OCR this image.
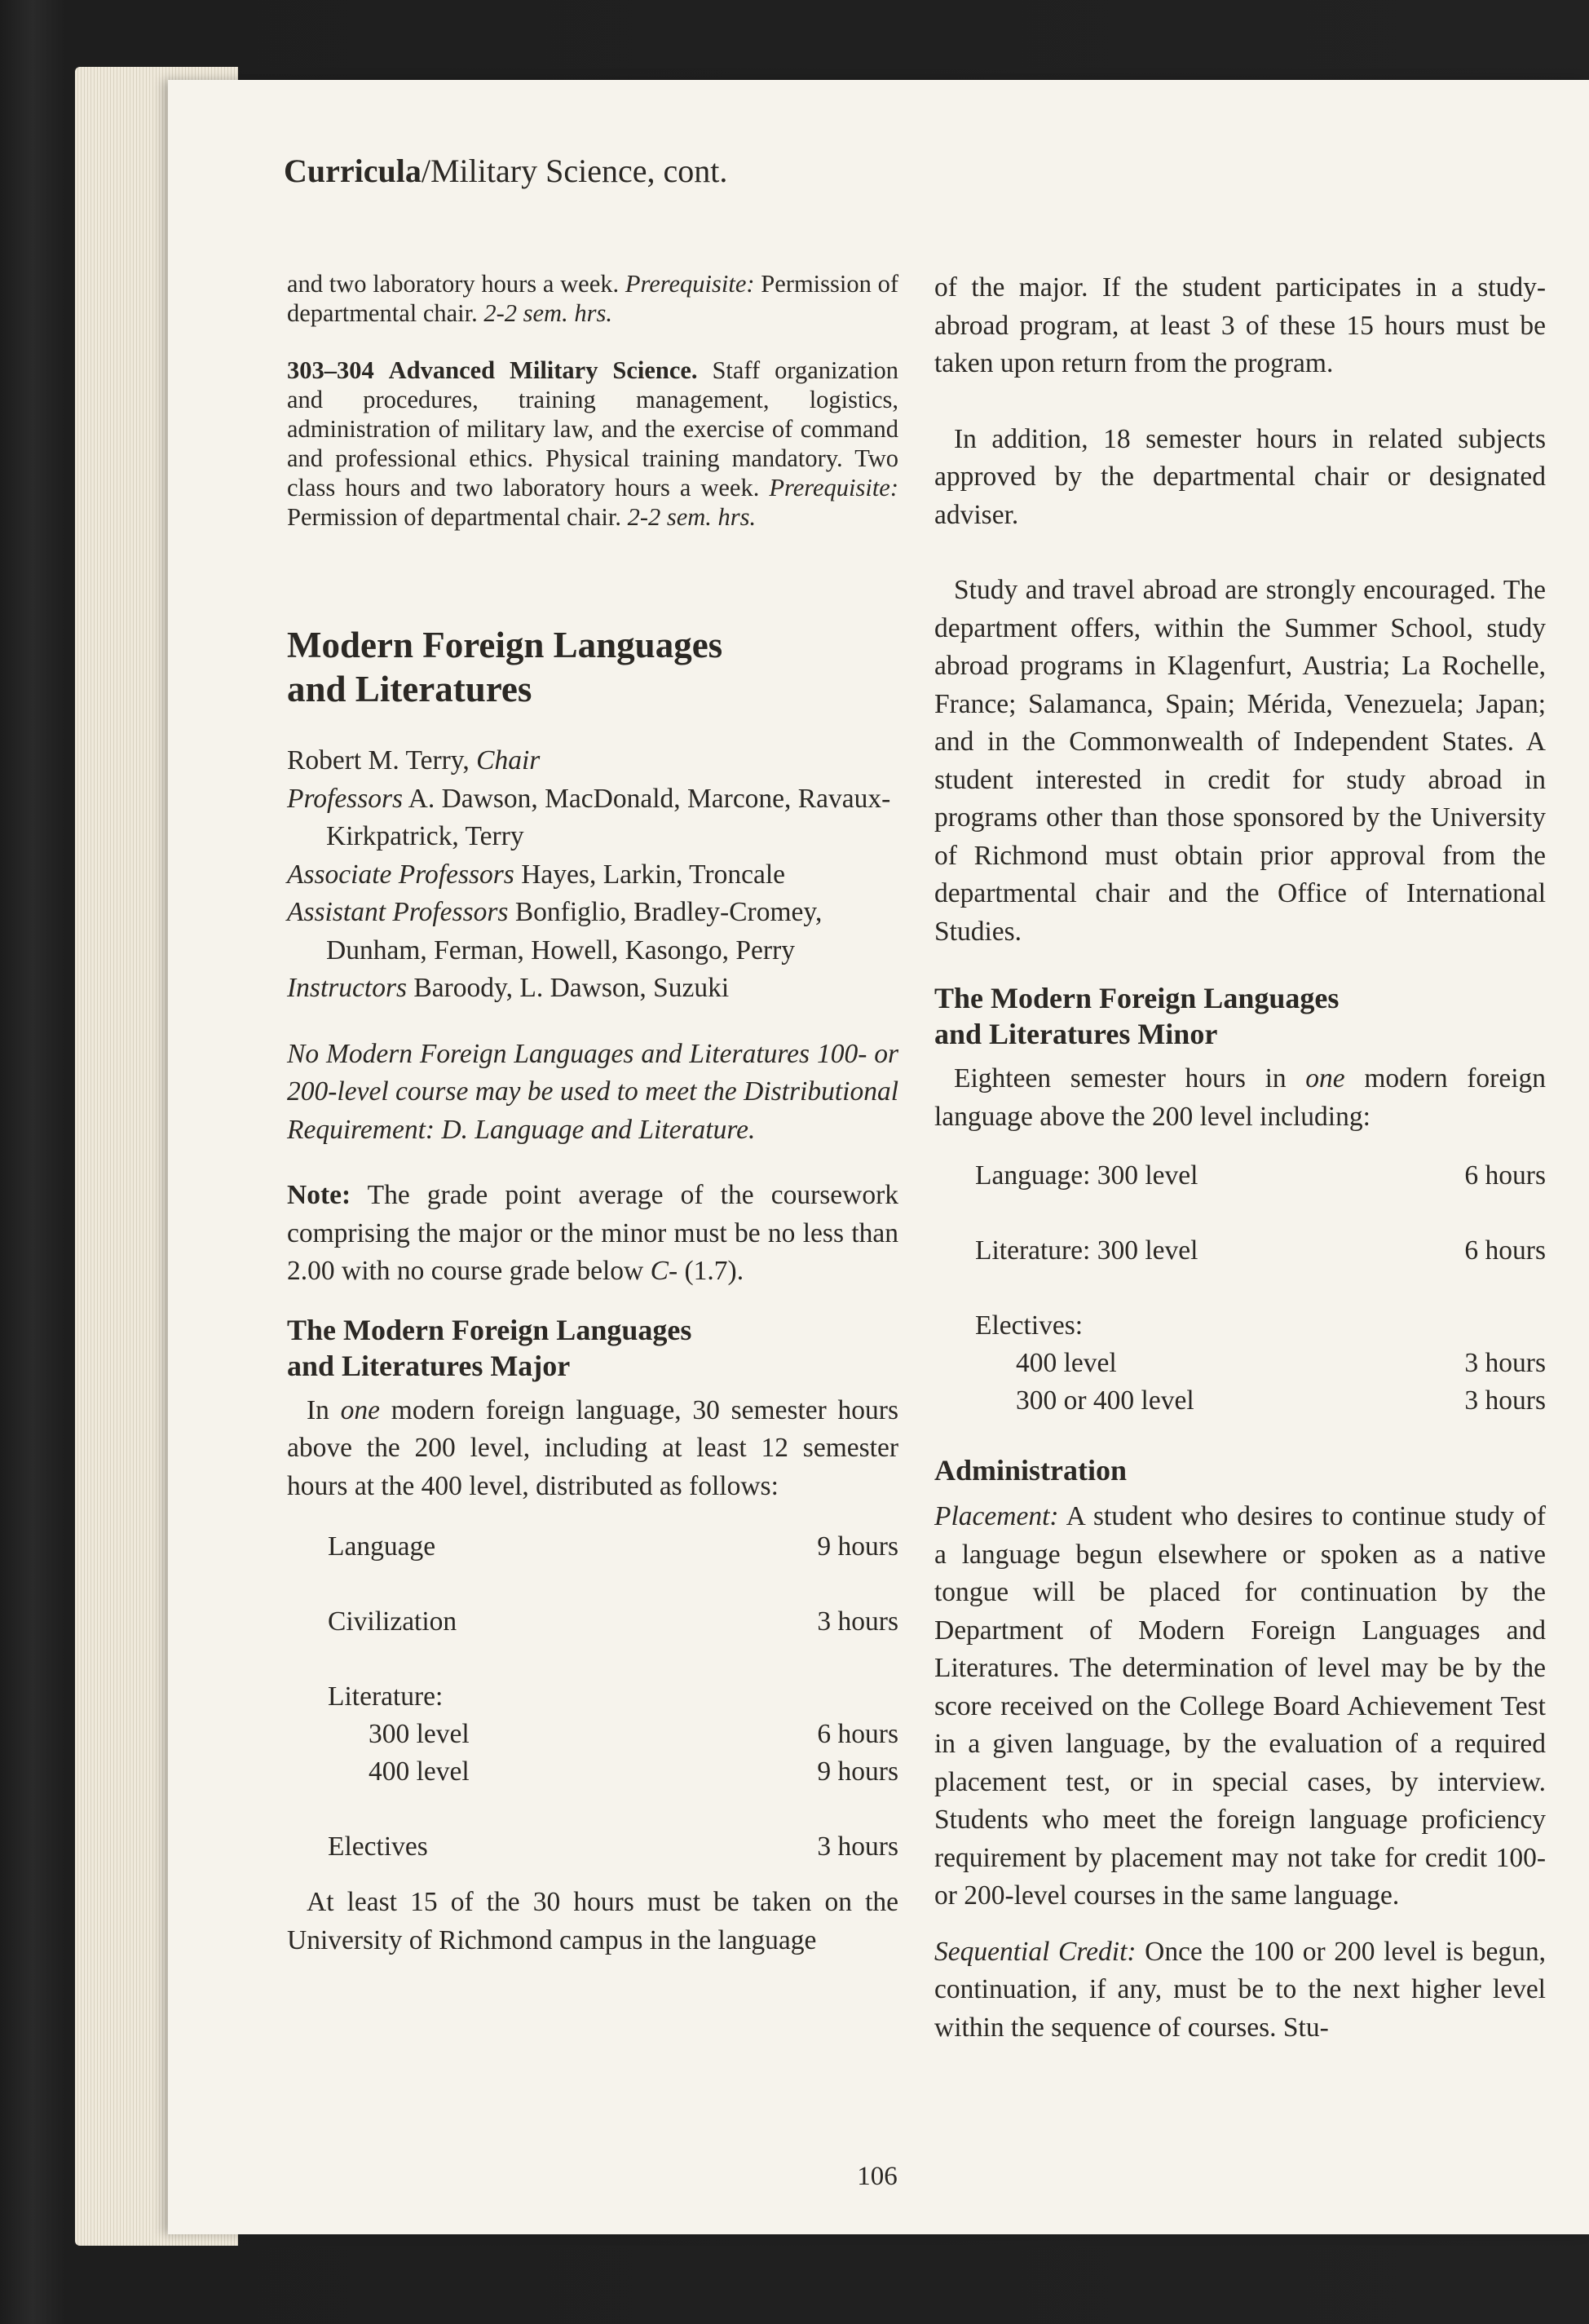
Curricula/Military Science, cont.

and two laboratory hours a week. Prerequisite: Permission of departmental chair. 2-2 sem. hrs.

303–304 Advanced Military Science. Staff organization and procedures, training management, logistics, administration of military law, and the exercise of command and professional ethics. Physical training mandatory. Two class hours and two laboratory hours a week. Prerequisite: Permission of departmental chair. 2-2 sem. hrs.

Modern Foreign Languages
and Literatures

Robert M. Terry, Chair

Professors A. Dawson, MacDonald, Marcone, Ravaux-Kirkpatrick, Terry

Associate Professors Hayes, Larkin, Troncale

Assistant Professors Bonfiglio, Bradley-Cromey, Dunham, Ferman, Howell, Kasongo, Perry

Instructors Baroody, L. Dawson, Suzuki

No Modern Foreign Languages and Literatures 100- or 200-level course may be used to meet the Distributional Requirement: D. Language and Literature.

Note: The grade point average of the coursework comprising the major or the minor must be no less than 2.00 with no course grade below C- (1.7).

The Modern Foreign Languages
and Literatures Major

In one modern foreign language, 30 semester hours above the 200 level, including at least 12 semester hours at the 400 level, distributed as follows:

Language	9 hours

Civilization	3 hours

Literature:	
300 level	6 hours
400 level	9 hours

Electives	3 hours

At least 15 of the 30 hours must be taken on the University of Richmond campus in the language

of the major. If the student participates in a study-abroad program, at least 3 of these 15 hours must be taken upon return from the program.

In addition, 18 semester hours in related subjects approved by the departmental chair or designated adviser.

Study and travel abroad are strongly encouraged. The department offers, within the Summer School, study abroad programs in Klagenfurt, Austria; La Rochelle, France; Salamanca, Spain; Mérida, Venezuela; Japan; and in the Commonwealth of Independent States. A student interested in credit for study abroad in programs other than those sponsored by the University of Richmond must obtain prior approval from the departmental chair and the Office of International Studies.

The Modern Foreign Languages
and Literatures Minor

Eighteen semester hours in one modern foreign language above the 200 level including:

Language: 300 level	6 hours

Literature: 300 level	6 hours

Electives:	
400 level	3 hours
300 or 400 level	3 hours
Administration

Placement: A student who desires to continue study of a language begun elsewhere or spoken as a native tongue will be placed for continuation by the Department of Modern Foreign Languages and Literatures. The determination of level may be by the score received on the College Board Achievement Test in a given language, by the evaluation of a required placement test, or in special cases, by interview. Students who meet the foreign language proficiency requirement by placement may not take for credit 100- or 200-level courses in the same language.

Sequential Credit: Once the 100 or 200 level is begun, continuation, if any, must be to the next higher level within the sequence of courses. Stu-

106
